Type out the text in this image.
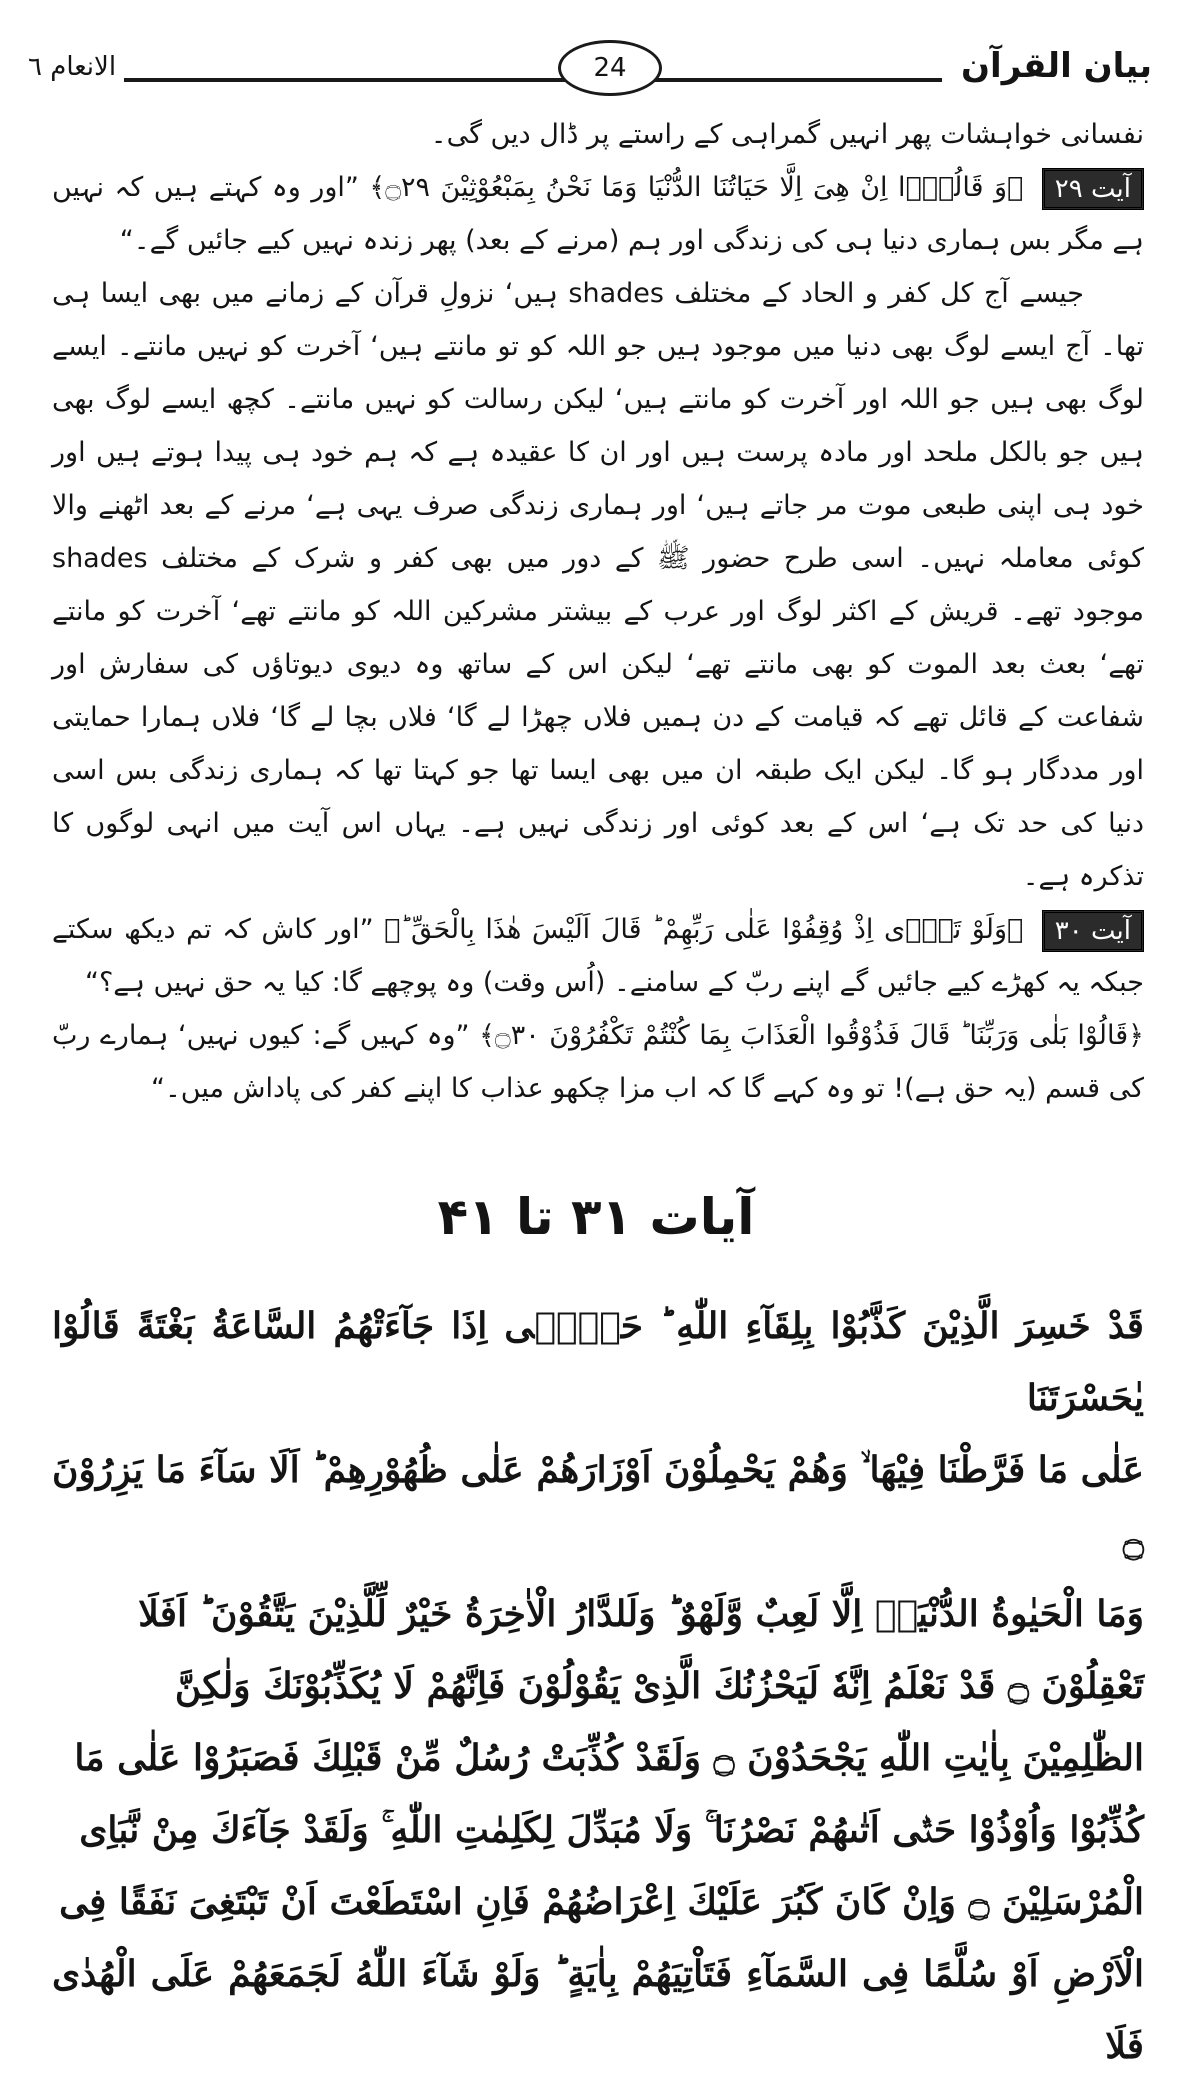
بیان القرآن
24
الانعام ٦

نفسانی خواہشات پھر انہیں گمراہی کے راستے پر ڈال دیں گی۔

آیت ۲۹ ﴿وَ قَالُوْۤا اِنْ هِیَ اِلَّا حَیَاتُنَا الدُّنْیَا وَمَا نَحْنُ بِمَبْعُوْثِیْنَ ۝۲۹﴾ ”اور وہ کہتے ہیں کہ نہیں ہے مگر بس ہماری دنیا ہی کی زندگی اور ہم (مرنے کے بعد) پھر زندہ نہیں کیے جائیں گے۔“

جیسے آج کل کفر و الحاد کے مختلف shades ہیں‘ نزولِ قرآن کے زمانے میں بھی ایسا ہی تھا۔ آج ایسے لوگ بھی دنیا میں موجود ہیں جو اللہ کو تو مانتے ہیں‘ آخرت کو نہیں مانتے۔ ایسے لوگ بھی ہیں جو اللہ اور آخرت کو مانتے ہیں‘ لیکن رسالت کو نہیں مانتے۔ کچھ ایسے لوگ بھی ہیں جو بالکل ملحد اور مادہ پرست ہیں اور ان کا عقیدہ ہے کہ ہم خود ہی پیدا ہوتے ہیں اور خود ہی اپنی طبعی موت مر جاتے ہیں‘ اور ہماری زندگی صرف یہی ہے‘ مرنے کے بعد اٹھنے والا کوئی معاملہ نہیں۔ اسی طرح حضور ﷺ کے دور میں بھی کفر و شرک کے مختلف shades موجود تھے۔ قریش کے اکثر لوگ اور عرب کے بیشتر مشرکین اللہ کو مانتے تھے‘ آخرت کو مانتے تھے‘ بعث بعد الموت کو بھی مانتے تھے‘ لیکن اس کے ساتھ وہ دیوی دیوتاؤں کی سفارش اور شفاعت کے قائل تھے کہ قیامت کے دن ہمیں فلاں چھڑا لے گا‘ فلاں بچا لے گا‘ فلاں ہمارا حمایتی اور مددگار ہو گا۔ لیکن ایک طبقہ ان میں بھی ایسا تھا جو کہتا تھا کہ ہماری زندگی بس اسی دنیا کی حد تک ہے‘ اس کے بعد کوئی اور زندگی نہیں ہے۔ یہاں اس آیت میں انہی لوگوں کا تذکرہ ہے۔

آیت ۳۰ ﴿وَلَوْ تَرٰۤی اِذْ وُقِفُوْا عَلٰی رَبِّهِمْ ؕ قَالَ اَلَیْسَ هٰذَا بِالْحَقِّ ؕ﴾ ”اور کاش کہ تم دیکھ سکتے جبکہ یہ کھڑے کیے جائیں گے اپنے ربّ کے سامنے۔ (اُس وقت) وہ پوچھے گا: کیا یہ حق نہیں ہے؟“

﴿قَالُوْا بَلٰی وَرَبِّنَا ؕ قَالَ فَذُوْقُوا الْعَذَابَ بِمَا كُنْتُمْ تَكْفُرُوْنَ ۝۳۰﴾ ”وہ کہیں گے: کیوں نہیں‘ ہمارے ربّ کی قسم (یہ حق ہے)! تو وہ کہے گا کہ اب مزا چکھو عذاب کا اپنے کفر کی پاداش میں۔“

آیات ۳۱ تا ۴۱

قَدْ خَسِرَ الَّذِیْنَ كَذَّبُوْا بِلِقَآءِ اللّٰهِ ؕ حَتّٰۤی اِذَا جَآءَتْهُمُ السَّاعَةُ بَغْتَةً قَالُوْا یٰحَسْرَتَنَا

عَلٰی مَا فَرَّطْنَا فِیْهَا ۙ وَهُمْ یَحْمِلُوْنَ اَوْزَارَهُمْ عَلٰی ظُهُوْرِهِمْ ؕ اَلَا سَآءَ مَا یَزِرُوْنَ ۝

وَمَا الْحَیٰوةُ الدُّنْیَاۤ اِلَّا لَعِبٌ وَّلَهْوٌ ؕ وَلَلدَّارُ الْاٰخِرَةُ خَیْرٌ لِّلَّذِیْنَ یَتَّقُوْنَ ؕ اَفَلَا

تَعْقِلُوْنَ ۝ قَدْ نَعْلَمُ اِنَّهٗ لَیَحْزُنُكَ الَّذِیْ یَقُوْلُوْنَ فَاِنَّهُمْ لَا یُكَذِّبُوْنَكَ وَلٰكِنَّ

الظّٰلِمِیْنَ بِاٰیٰتِ اللّٰهِ یَجْحَدُوْنَ ۝ وَلَقَدْ كُذِّبَتْ رُسُلٌ مِّنْ قَبْلِكَ فَصَبَرُوْا عَلٰی مَا

كُذِّبُوْا وَاُوْذُوْا حَتّٰۤی اَتٰىهُمْ نَصْرُنَا ۚ وَلَا مُبَدِّلَ لِكَلِمٰتِ اللّٰهِ ۚ وَلَقَدْ جَآءَكَ مِنْ نَّبَاِی

الْمُرْسَلِیْنَ ۝ وَاِنْ كَانَ كَبُرَ عَلَیْكَ اِعْرَاضُهُمْ فَاِنِ اسْتَطَعْتَ اَنْ تَبْتَغِیَ نَفَقًا فِی

الْاَرْضِ اَوْ سُلَّمًا فِی السَّمَآءِ فَتَاْتِیَهُمْ بِاٰیَةٍ ؕ وَلَوْ شَآءَ اللّٰهُ لَجَمَعَهُمْ عَلَی الْهُدٰی فَلَا
